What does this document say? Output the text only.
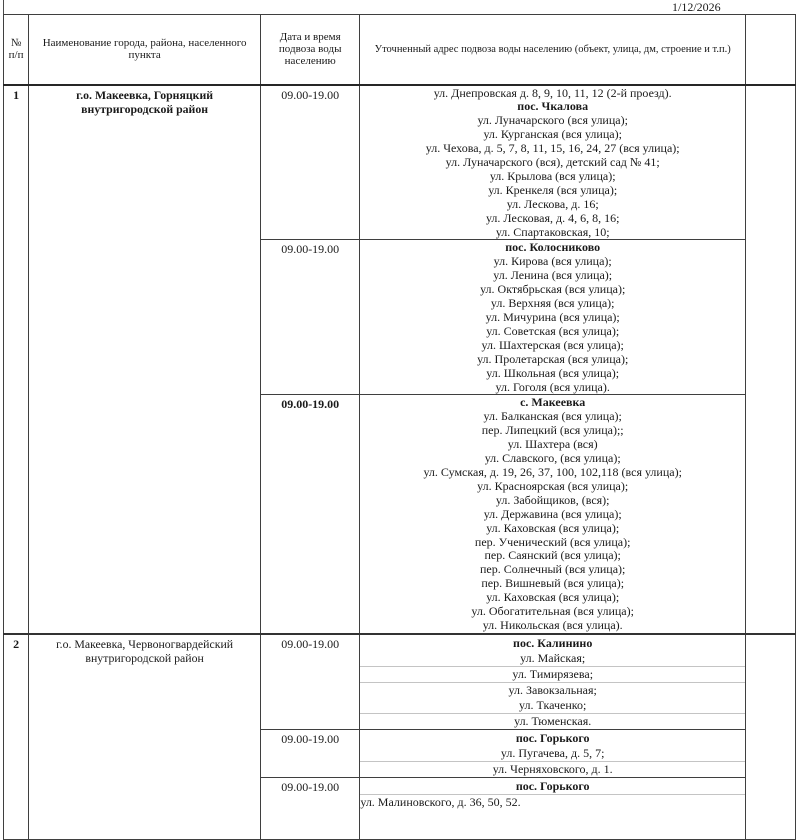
1/12/2026
№ п/п	Наименование города, района, населенного пункта	Дата и время подвоза воды населению	Уточненный адрес подвоза воды населению (объект, улица, дм, строение и т.п.)	
1	г.о. Макеевка, Горняцкий внутригородской район	09.00-19.00	ул. Днепровская д. 8, 9, 10, 11, 12 (2-й проезд).
пос. Чкалова
ул. Луначарского (вся улица);
ул. Курганская (вся улица);
ул. Чехова, д. 5, 7, 8, 11, 15, 16, 24, 27 (вся улица);
ул. Луначарского (вся), детский сад № 41;
ул. Крылова (вся улица);
ул. Кренкеля (вся улица);
ул. Лескова, д. 16;
ул. Лесковая, д. 4, 6, 8, 16;
ул. Спартаковская, 10;

09.00-19.00	пос. Колосниково
ул. Кирова (вся улица);
ул. Ленина (вся улица);
ул. Октябрьская (вся улица);
ул. Верхняя (вся улица);
ул. Мичурина (вся улица);
ул. Советская (вся улица);
ул. Шахтерская (вся улица);
ул. Пролетарская (вся улица);
ул. Школьная (вся улица);
ул. Гоголя (вся улица).

09.00-19.00	с. Макеевка
ул. Балканская (вся улица);
пер. Липецкий (вся улица);;
ул. Шахтера (вся)
ул. Славского, (вся улица);
ул. Сумская, д. 19, 26, 37, 100, 102,118 (вся улица);
ул. Красноярская (вся улица);
ул. Забойщиков, (вся);
ул. Державина (вся улица);
ул. Каховская (вся улица);
пер. Ученический (вся улица);
пер. Саянский (вся улица);
пер. Солнечный (вся улица);
пер. Вишневый (вся улица);
ул. Каховская (вся улица);
ул. Обогатительная (вся улица);
ул. Никольская (вся улица).

2	г.о. Макеевка, Червоногвардейский внутригородской район	09.00-19.00	пос. Калинино
ул. Майская;
ул. Тимирязева;
ул. Завокзальная;
ул. Ткаченко;
ул. Тюменская.

		09.00-19.00	пос. Горького
ул. Пугачева, д. 5, 7;
ул. Черняховского, д. 1.	

		09.00-19.00	пос. Горького
ул. Малиновского, д. 36, 50, 52.	
